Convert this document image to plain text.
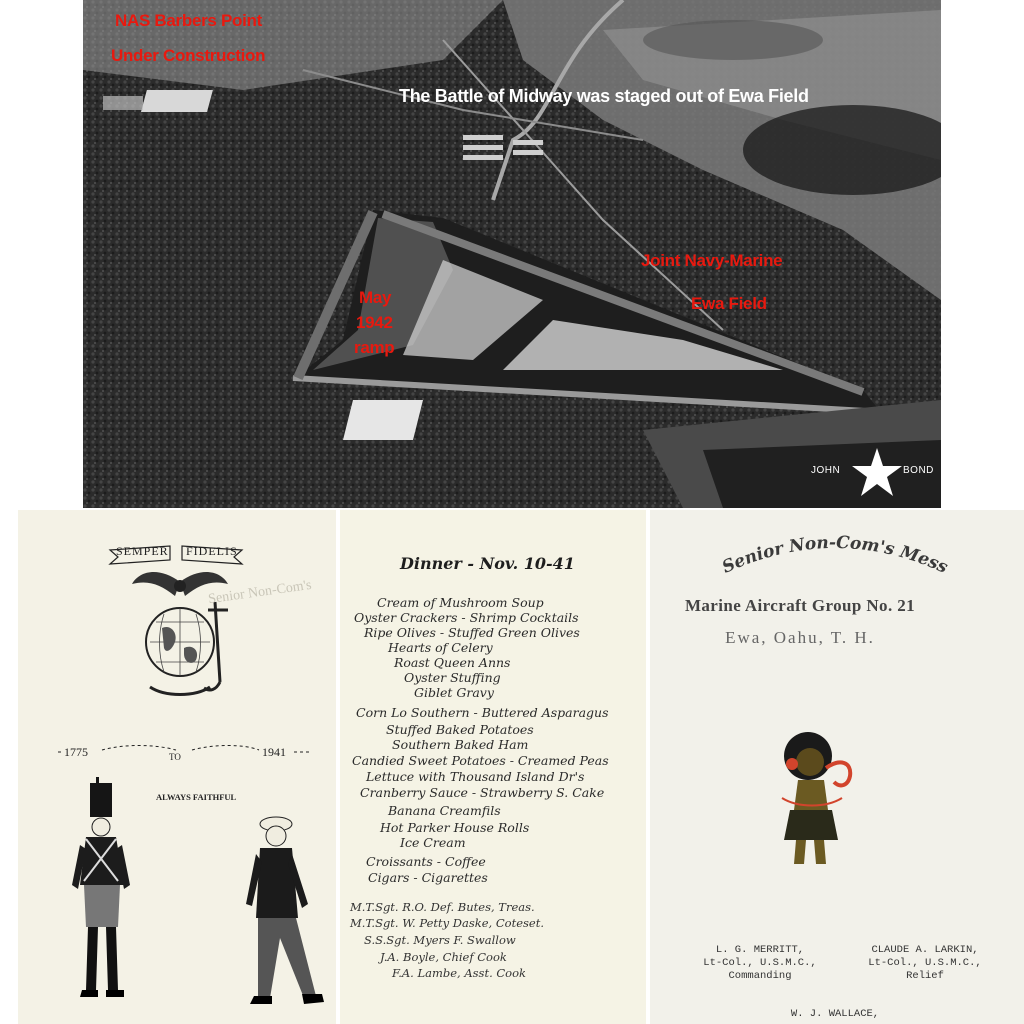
NAS Barbers Point
Under Construction
The Battle of Midway was staged out of Ewa Field
Joint Navy-Marine
Ewa Field
May
1942
ramp
JOHN	BOND
SEMPER FIDELIS
Senior Non-Com's
1775	TO	1941
ALWAYS FAITHFUL
Dinner - Nov. 10-41
Cream of Mushroom Soup
Oyster Crackers - Shrimp Cocktails
Ripe Olives - Stuffed Green Olives
Hearts of Celery
Roast Queen Anns
Oyster Stuffing
Giblet Gravy
Corn Lo Southern - Buttered Asparagus
Stuffed Baked Potatoes
Southern Baked Ham
Candied Sweet Potatoes - Creamed Peas
Lettuce with Thousand Island Dr's
Cranberry Sauce - Strawberry S. Cake
Banana Creamfils
Hot Parker House Rolls
Ice Cream
Croissants - Coffee
Cigars - Cigarettes
M.T.Sgt. R.O. Def. Butes, Treas.
M.T.Sgt. W. Petty Daske, Coteset.
S.S.Sgt. Myers F. Swallow
J.A. Boyle, Chief Cook
F.A. Lambe, Asst. Cook
Senior Non-Com's Mess
Marine Aircraft Group No. 21
Ewa, Oahu, T. H.
L. G. MERRITT,
Lt-Col., U.S.M.C.,
Commanding
CLAUDE A. LARKIN,
Lt-Col., U.S.M.C.,
Relief
W. J. WALLACE,
